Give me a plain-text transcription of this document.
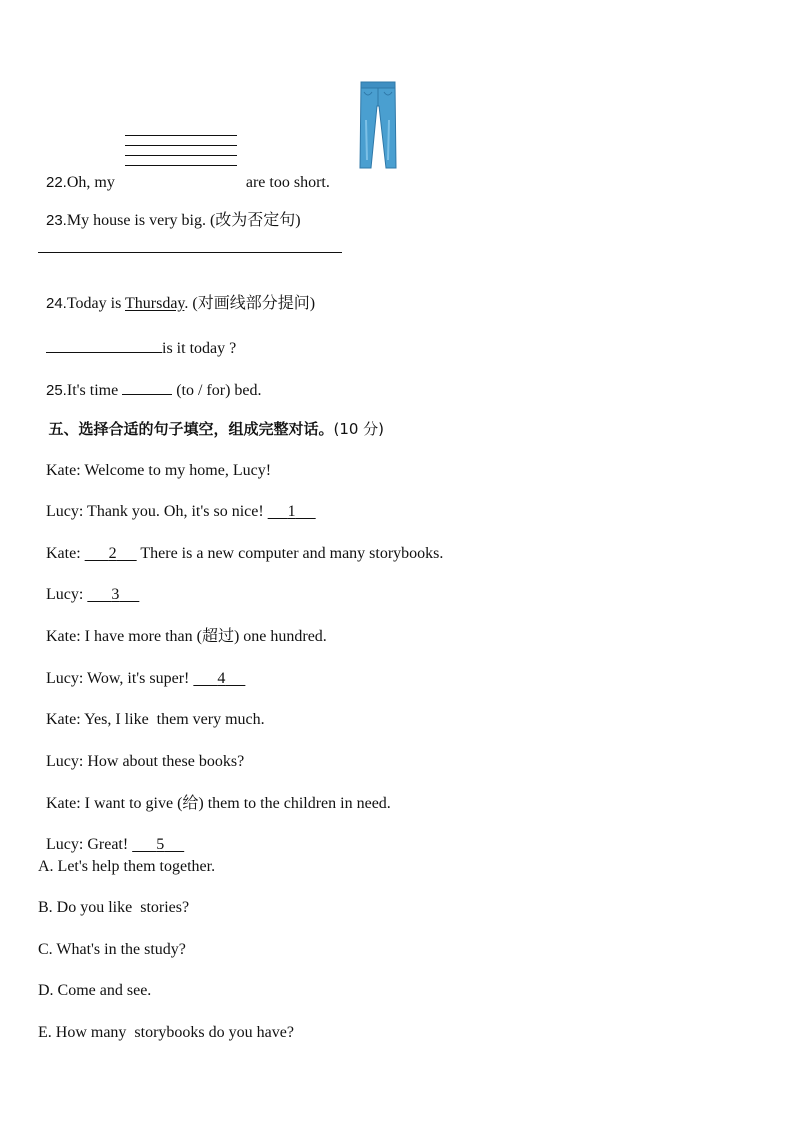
22.Oh, my	are too short.

23.My house is very big. (改为否定句)

24.Today is Thursday. (对画线部分提问)

is it today ?

25.It's time	(to / for) bed.

五、选择合适的句子填空，组成完整对话。(10 分)

Kate: Welcome to my home, Lucy!

Lucy: Thank you. Oh, it's so nice!      1

Kate: 2      There is a new computer and many storybooks.

Lucy: 3

Kate: I have more than (超过) one hundred.

Lucy: Wow, it's super!       4

Kate: Yes, I like  them very much.

Lucy: How about these books?

Kate: I want to give (给) them to the children in need.

Lucy: Great!       5

A. Let's help them together.
B. Do you like  stories?
C. What's in the study?
D. Come and see.
E. How many  storybooks do you have?
